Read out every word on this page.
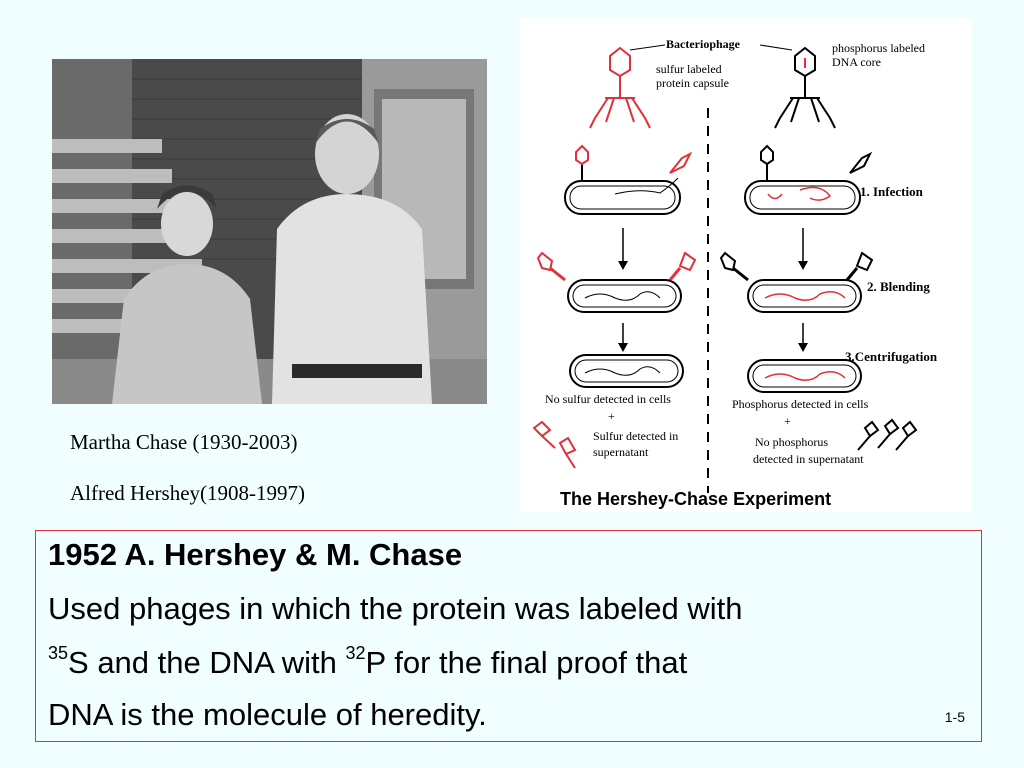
Martha Chase (1930-2003)
Alfred Hershey(1908-1997)
Bacteriophage
sulfur labeled
protein capsule
phosphorus labeled
DNA core
1. Infection
2. Blending
3.Centrifugation
No sulfur detected in cells
+
Sulfur detected in
supernatant
Phosphorus detected in cells
+
No phosphorus
detected in supernatant
The Hershey-Chase Experiment
1952 A. Hershey & M. Chase
Used phages in which the protein was labeled with
$^{35}$S and the DNA with $^{32}$P for the final proof that
DNA is the molecule of heredity.	1-5
